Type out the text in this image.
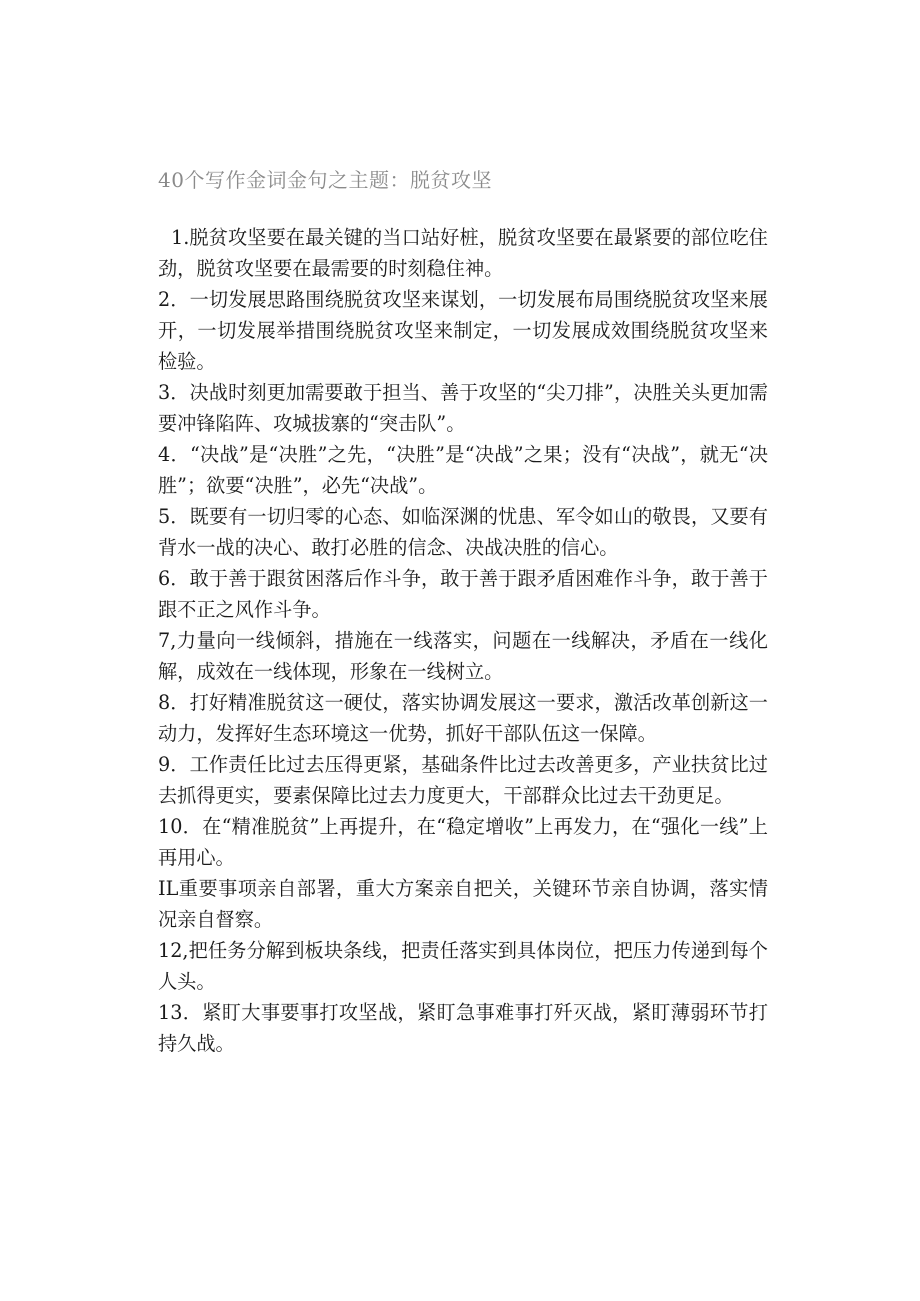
40个写作金词金句之主题：脱贫攻坚
1.脱贫攻坚要在最关键的当口站好桩，脱贫攻坚要在最紧要的部位吃住劲，脱贫攻坚要在最需要的时刻稳住神。
2．一切发展思路围绕脱贫攻坚来谋划，一切发展布局围绕脱贫攻坚来展开，一切发展举措围绕脱贫攻坚来制定，一切发展成效围绕脱贫攻坚来检验。
3．决战时刻更加需要敢于担当、善于攻坚的“尖刀排”，决胜关头更加需要冲锋陷阵、攻城拔寨的“突击队”。
4．“决战”是“决胜”之先，“决胜”是“决战”之果；没有“决战”，就无“决胜”；欲要“决胜”，必先“决战”。
5．既要有一切归零的心态、如临深渊的忧患、军令如山的敬畏，又要有背水一战的决心、敢打必胜的信念、决战决胜的信心。
6．敢于善于跟贫困落后作斗争，敢于善于跟矛盾困难作斗争，敢于善于跟不正之风作斗争。
7,力量向一线倾斜，措施在一线落实，问题在一线解决，矛盾在一线化解，成效在一线体现，形象在一线树立。
8．打好精准脱贫这一硬仗，落实协调发展这一要求，激活改革创新这一动力，发挥好生态环境这一优势，抓好干部队伍这一保障。
9．工作责任比过去压得更紧，基础条件比过去改善更多，产业扶贫比过去抓得更实，要素保障比过去力度更大，干部群众比过去干劲更足。
10．在“精准脱贫”上再提升，在“稳定增收”上再发力，在“强化一线”上再用心。
IL重要事项亲自部署，重大方案亲自把关，关键环节亲自协调，落实情况亲自督察。
12,把任务分解到板块条线，把责任落实到具体岗位，把压力传递到每个人头。
13．紧盯大事要事打攻坚战，紧盯急事难事打歼灭战，紧盯薄弱环节打持久战。
